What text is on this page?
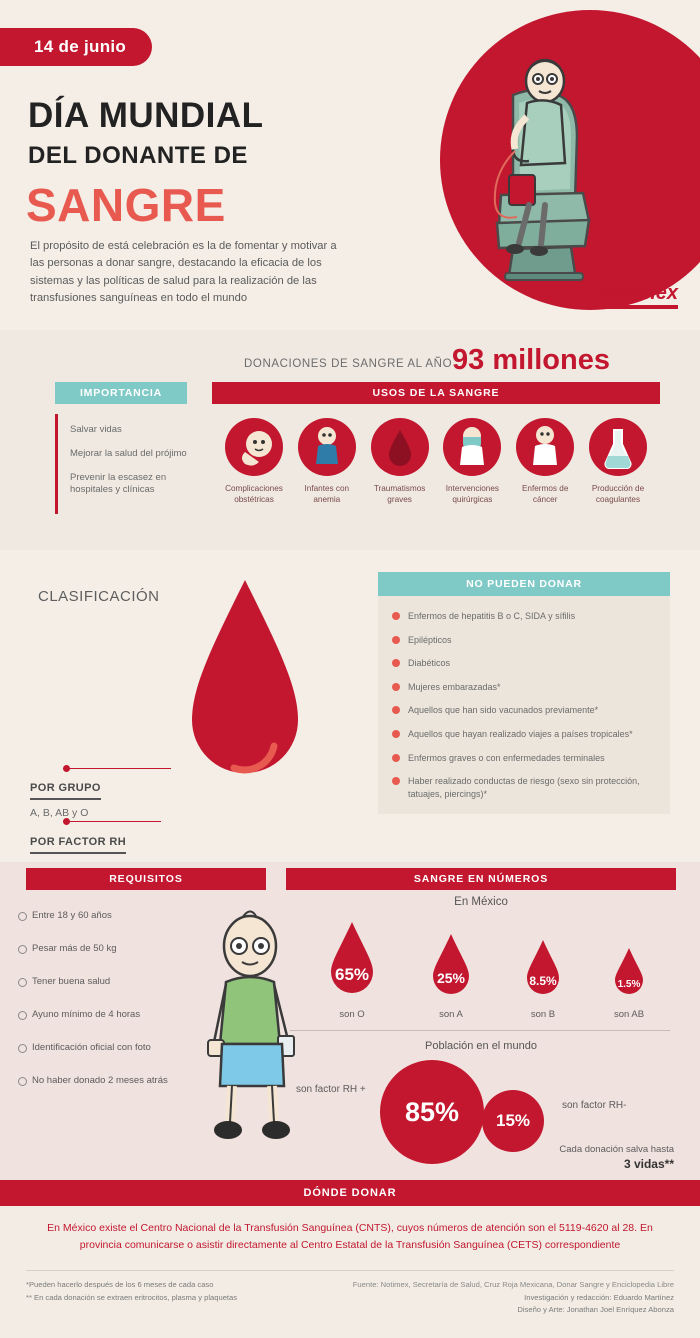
14 de junio
DÍA MUNDIAL
DEL DONANTE DE
SANGRE
El propósito de está celebración es la de fomentar y motivar a las personas a donar sangre, destacando la eficacia de los sistemas y las políticas de salud para la realización de las transfusiones sanguíneas en todo el mundo	Notimex
DONACIONES DE SANGRE AL AÑO 93 millones
IMPORTANCIA
Salvar vidas
Mejorar la salud del prójimo
Prevenir la escasez en hospitales y clínicas
USOS DE LA SANGRE
Complicaciones obstétricas
Infantes con anemia
Traumatismos graves
Intervenciones quirúrgicas
Enfermos de cáncer
Producción de coagulantes
CLASIFICACIÓN
POR GRUPO
A, B, AB y O
POR FACTOR RH
NO PUEDEN DONAR
Enfermos de hepatitis B o C, SIDA y sífilis
Epilépticos
Diabéticos
Mujeres embarazadas*
Aquellos que han sido vacunados previamente*
Aquellos que hayan realizado viajes a países tropicales*
Enfermos graves o con enfermedades terminales
Haber realizado conductas de riesgo (sexo sin protección, tatuajes, piercings)*
REQUISITOS	SANGRE EN NÚMEROS
Entre 18 y 60 años
Pesar más de 50 kg
Tener buena salud
Ayuno mínimo de 4 horas
Identificación oficial con foto
No haber donado 2 meses atrás
En México
65%
son O
25%
son A
8.5%
son B
1.5%
son AB
Población en el mundo
son factor RH +
85%	15%
son factor RH-
Cada donación salva hasta
3 vidas**
DÓNDE DONAR
En México existe el Centro Nacional de la Transfusión Sanguínea (CNTS), cuyos números de atención son el 5119-4620 al 28. En provincia comunicarse o asistir directamente al Centro Estatal de la Transfusión Sanguínea (CETS) correspondiente
*Pueden hacerlo después de los 6 meses de cada caso
** En cada donación se extraen eritrocitos, plasma y plaquetas
Fuente: Notimex, Secretaría de Salud, Cruz Roja Mexicana, Donar Sangre y Enciclopedia Libre
Investigación y redacción: Eduardo Martínez
Diseño y Arte: Jonathan Joel Enríquez Abonza
